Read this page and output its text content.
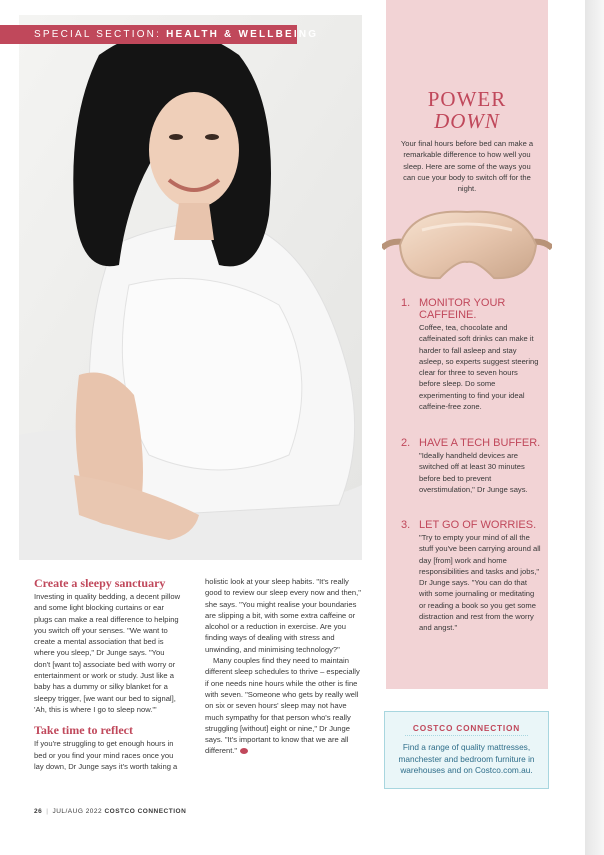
SPECIAL SECTION: HEALTH & WELLBEING
POWER
DOWN
Your final hours before bed can make a remarkable difference to how well you sleep. Here are some of the ways you can cue your body to switch off for the night.
1. MONITOR YOUR CAFFEINE.
Coffee, tea, chocolate and caffeinated soft drinks can make it harder to fall asleep and stay asleep, so experts suggest steering clear for three to seven hours before sleep. Do some experimenting to find your ideal caffeine-free zone.
2. HAVE A TECH BUFFER.
"Ideally handheld devices are switched off at least 30 minutes before bed to prevent overstimulation," Dr Junge says.
3. LET GO OF WORRIES.
"Try to empty your mind of all the stuff you've been carrying around all day [from] work and home responsibilities and tasks and jobs," Dr Junge says. "You can do that with some journaling or meditating or reading a book so you get some distraction and rest from the worry and angst."
Create a sleepy sanctuary
Investing in quality bedding, a decent pillow and some light blocking curtains or ear plugs can make a real difference to helping you switch off your senses. "We want to create a mental association that bed is where you sleep," Dr Junge says. "You don't [want to] associate bed with worry or entertainment or work or study. Just like a baby has a dummy or silky blanket for a sleepy trigger, [we want our bed to signal], 'Ah, this is where I go to sleep now.'"
Take time to reflect
If you're struggling to get enough hours in bed or you find your mind races once you lay down, Dr Junge says it's worth taking a
holistic look at your sleep habits. "It's really good to review our sleep every now and then," she says. "You might realise your boundaries are slipping a bit, with some extra caffeine or alcohol or a reduction in exercise. Are you finding ways of dealing with stress and unwinding, and minimising technology?"
Many couples find they need to maintain different sleep schedules to thrive – especially if one needs nine hours while the other is fine with seven. "Someone who gets by really well on six or seven hours' sleep may not have much sympathy for that person who's really struggling [without] eight or nine," Dr Junge says. "It's important to know that we are all different."
COSTCO CONNECTION
Find a range of quality mattresses, manchester and bedroom furniture in warehouses and on Costco.com.au.
26 | JUL/AUG 2022 COSTCO CONNECTION
